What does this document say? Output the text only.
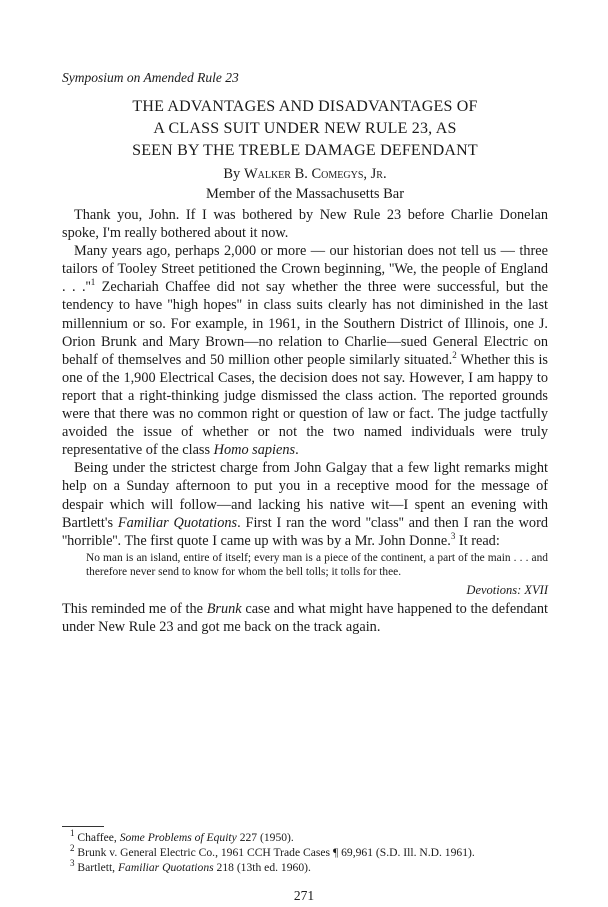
Symposium on Amended Rule 23
THE ADVANTAGES AND DISADVANTAGES OF
A CLASS SUIT UNDER NEW RULE 23, AS
SEEN BY THE TREBLE DAMAGE DEFENDANT
By Walker B. Comegys, Jr.
Member of the Massachusetts Bar

Thank you, John. If I was bothered by New Rule 23 before Charlie Donelan spoke, I'm really bothered about it now.

Many years ago, perhaps 2,000 or more — our historian does not tell us — three tailors of Tooley Street petitioned the Crown beginning, ''We, the people of England . . $.''^1$ Zechariah Chaffee did not say whether the three were successful, but the tendency to have ''high hopes'' in class suits clearly has not diminished in the last millennium or so. For example, in 1961, in the Southern District of Illinois, one J. Orion Brunk and Mary Brown—no relation to Charlie—sued General Electric on behalf of themselves and 50 million other people similarly situated.$^2$ Whether this is one of the 1,900 Electrical Cases, the decision does not say. However, I am happy to report that a right-thinking judge dismissed the class action. The reported grounds were that there was no common right or question of law or fact. The judge tactfully avoided the issue of whether or not the two named individuals were truly representative of the class Homo sapiens.

Being under the strictest charge from John Galgay that a few light remarks might help on a Sunday afternoon to put you in a receptive mood for the message of despair which will follow—and lacking his native wit—I spent an evening with Bartlett's Familiar Quotations. First I ran the word ''class'' and then I ran the word ''horrible''. The first quote I came up with was by a Mr. John Donne.$^3$ It read:

No man is an island, entire of itself; every man is a piece of the continent, a part of the main . . . and therefore never send to know for whom the bell tolls; it tolls for thee.
Devotions: XVII

This reminded me of the Brunk case and what might have happened to the defendant under New Rule 23 and got me back on the track again.

$^1$ Chaffee, Some Problems of Equity 227 (1950).

$^2$ Brunk v. General Electric Co., 1961 CCH Trade Cases ¶ 69,961 (S.D. Ill. N.D. 1961).

$^3$ Bartlett, Familiar Quotations 218 (13th ed. 1960).

271
